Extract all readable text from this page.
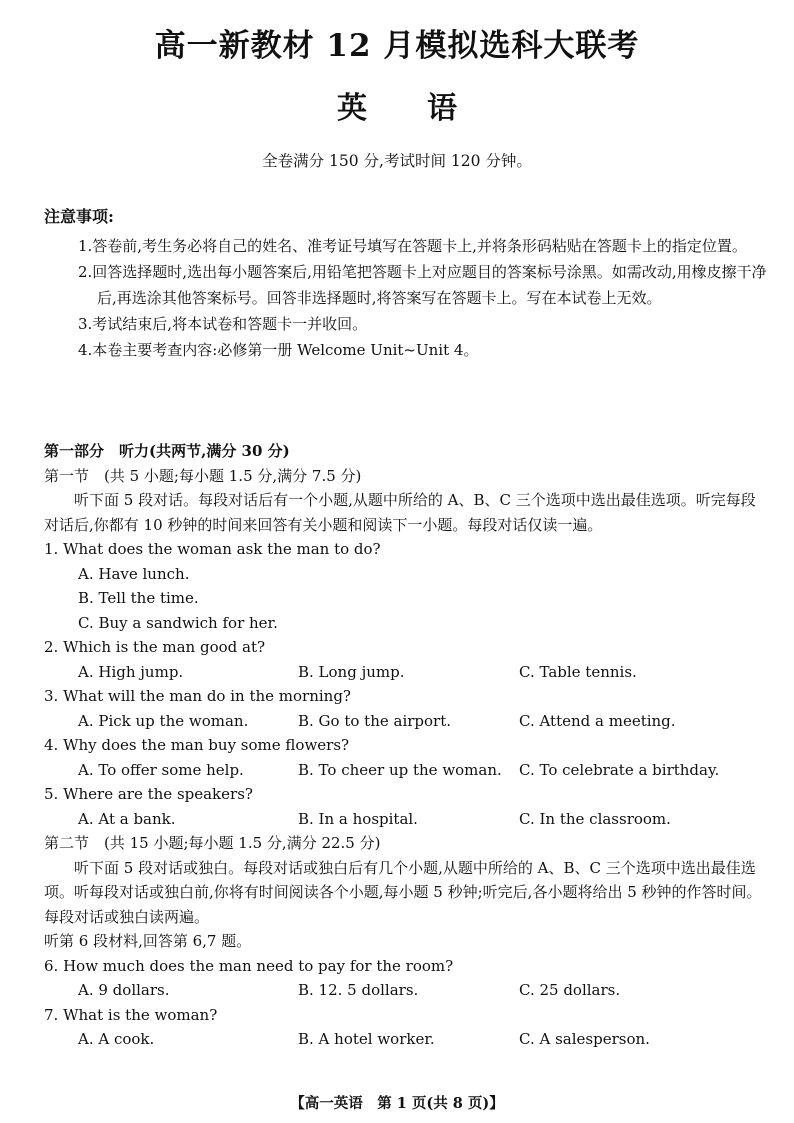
高一新教材 12 月模拟选科大联考
英语
全卷满分 150 分,考试时间 120 分钟。
注意事项:
1.答卷前,考生务必将自己的姓名、准考证号填写在答题卡上,并将条形码粘贴在答题卡上的指定位置。
2.回答选择题时,选出每小题答案后,用铅笔把答题卡上对应题目的答案标号涂黑。如需改动,用橡皮擦干净后,再选涂其他答案标号。回答非选择题时,将答案写在答题卡上。写在本试卷上无效。
3.考试结束后,将本试卷和答题卡一并收回。
4.本卷主要考查内容:必修第一册 Welcome Unit~Unit 4。
第一部分　听力(共两节,满分 30 分)
第一节　(共 5 小题;每小题 1.5 分,满分 7.5 分)
听下面 5 段对话。每段对话后有一个小题,从题中所给的 A、B、C 三个选项中选出最佳选项。听完每段对话后,你都有 10 秒钟的时间来回答有关小题和阅读下一小题。每段对话仅读一遍。
1. What does the woman ask the man to do?
A. Have lunch.
B. Tell the time.
C. Buy a sandwich for her.
2. Which is the man good at?
A. High jump.	B. Long jump.	C. Table tennis.
3. What will the man do in the morning?
A. Pick up the woman.	B. Go to the airport.	C. Attend a meeting.
4. Why does the man buy some flowers?
A. To offer some help.	B. To cheer up the woman. C. To celebrate a birthday.
5. Where are the speakers?
A. At a bank.	B. In a hospital.	C. In the classroom.
第二节　(共 15 小题;每小题 1.5 分,满分 22.5 分)
听下面 5 段对话或独白。每段对话或独白后有几个小题,从题中所给的 A、B、C 三个选项中选出最佳选项。听每段对话或独白前,你将有时间阅读各个小题,每小题 5 秒钟;听完后,各小题将给出 5 秒钟的作答时间。每段对话或独白读两遍。
听第 6 段材料,回答第 6,7 题。
6. How much does the man need to pay for the room?
A. 9 dollars.	B. 12. 5 dollars.	C. 25 dollars.
7. What is the woman?
A. A cook.	B. A hotel worker.	C. A salesperson.
【高一英语　第 1 页(共 8 页)】
